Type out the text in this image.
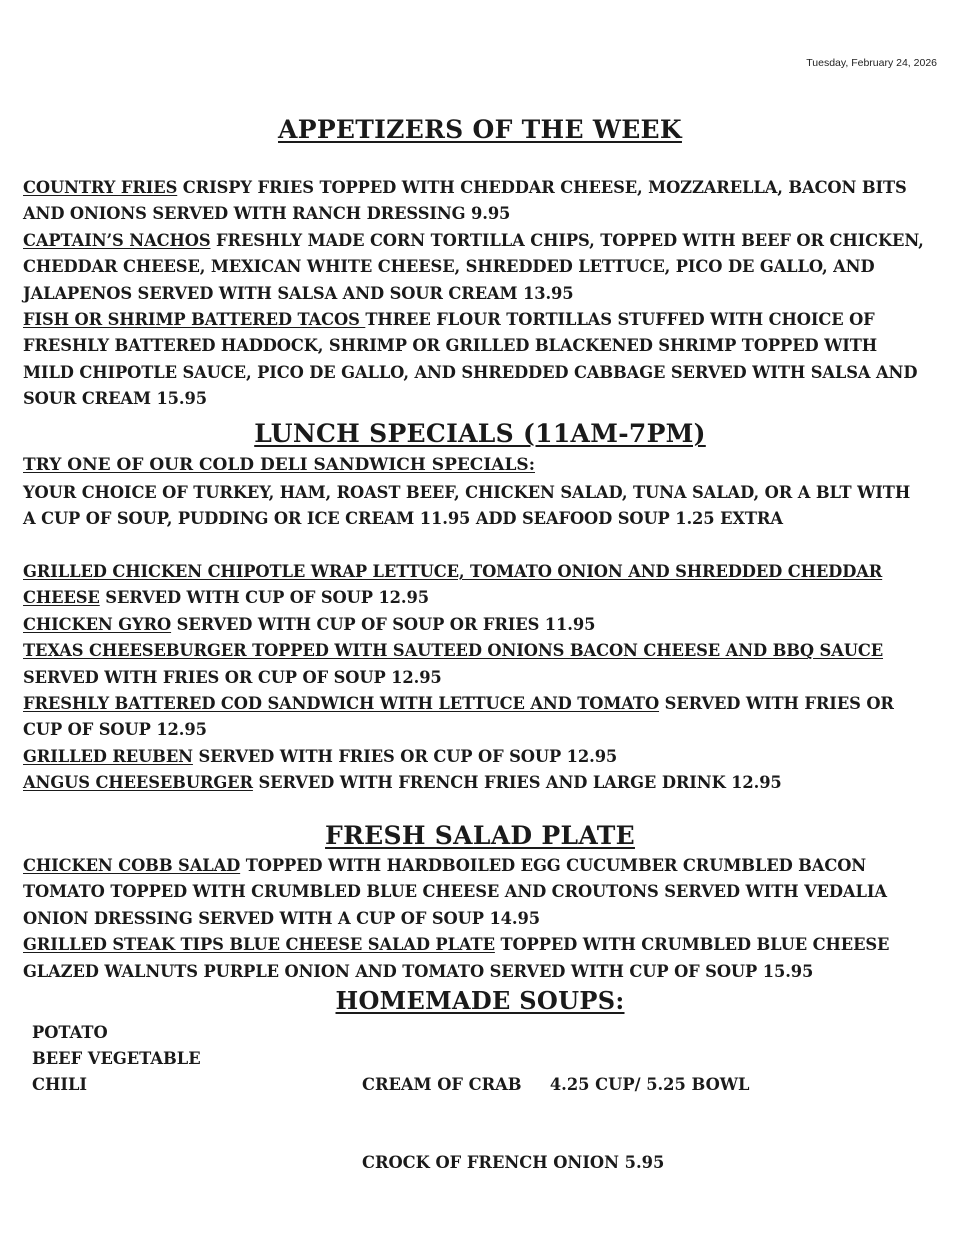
Tuesday, February 24, 2026
APPETIZERS OF THE WEEK
COUNTRY FRIES CRISPY FRIES TOPPED WITH CHEDDAR CHEESE, MOZZARELLA, BACON BITS AND ONIONS SERVED WITH RANCH DRESSING 9.95
CAPTAIN’S NACHOS FRESHLY MADE CORN TORTILLA CHIPS, TOPPED WITH BEEF OR CHICKEN, CHEDDAR CHEESE, MEXICAN WHITE CHEESE, SHREDDED LETTUCE, PICO DE GALLO, AND JALAPENOS SERVED WITH SALSA AND SOUR CREAM 13.95
FISH OR SHRIMP BATTERED TACOS THREE FLOUR TORTILLAS STUFFED WITH CHOICE OF FRESHLY BATTERED HADDOCK, SHRIMP OR GRILLED BLACKENED SHRIMP TOPPED WITH MILD CHIPOTLE SAUCE, PICO DE GALLO, AND SHREDDED CABBAGE SERVED WITH SALSA AND SOUR CREAM 15.95
LUNCH SPECIALS (11AM-7PM)
TRY ONE OF OUR COLD DELI SANDWICH SPECIALS:
YOUR CHOICE OF TURKEY, HAM, ROAST BEEF, CHICKEN SALAD, TUNA SALAD, OR A BLT WITH A CUP OF SOUP, PUDDING OR ICE CREAM 11.95 ADD SEAFOOD SOUP 1.25 EXTRA
GRILLED CHICKEN CHIPOTLE WRAP LETTUCE, TOMATO ONION AND SHREDDED CHEDDAR CHEESE SERVED WITH CUP OF SOUP 12.95
CHICKEN GYRO SERVED WITH CUP OF SOUP OR FRIES 11.95
TEXAS CHEESEBURGER TOPPED WITH SAUTEED ONIONS BACON CHEESE AND BBQ SAUCE SERVED WITH FRIES OR CUP OF SOUP 12.95
FRESHLY BATTERED COD SANDWICH WITH LETTUCE AND TOMATO SERVED WITH FRIES OR CUP OF SOUP 12.95
GRILLED REUBEN SERVED WITH FRIES OR CUP OF SOUP 12.95
ANGUS CHEESEBURGER SERVED WITH FRENCH FRIES AND LARGE DRINK 12.95
FRESH SALAD PLATE
CHICKEN COBB SALAD TOPPED WITH HARDBOILED EGG CUCUMBER CRUMBLED BACON TOMATO TOPPED WITH CRUMBLED BLUE CHEESE AND CROUTONS SERVED WITH VEDALIA ONION DRESSING SERVED WITH A CUP OF SOUP 14.95
GRILLED STEAK TIPS BLUE CHEESE SALAD PLATE TOPPED WITH CRUMBLED BLUE CHEESE GLAZED WALNUTS PURPLE ONION AND TOMATO SERVED WITH CUP OF SOUP 15.95
HOMEMADE SOUPS:
POTATO
BEEF VEGETABLE
CHILI

	CREAM OF CRAB     4.25 CUP/ 5.25 BOWL

CROCK OF FRENCH ONION 5.95
